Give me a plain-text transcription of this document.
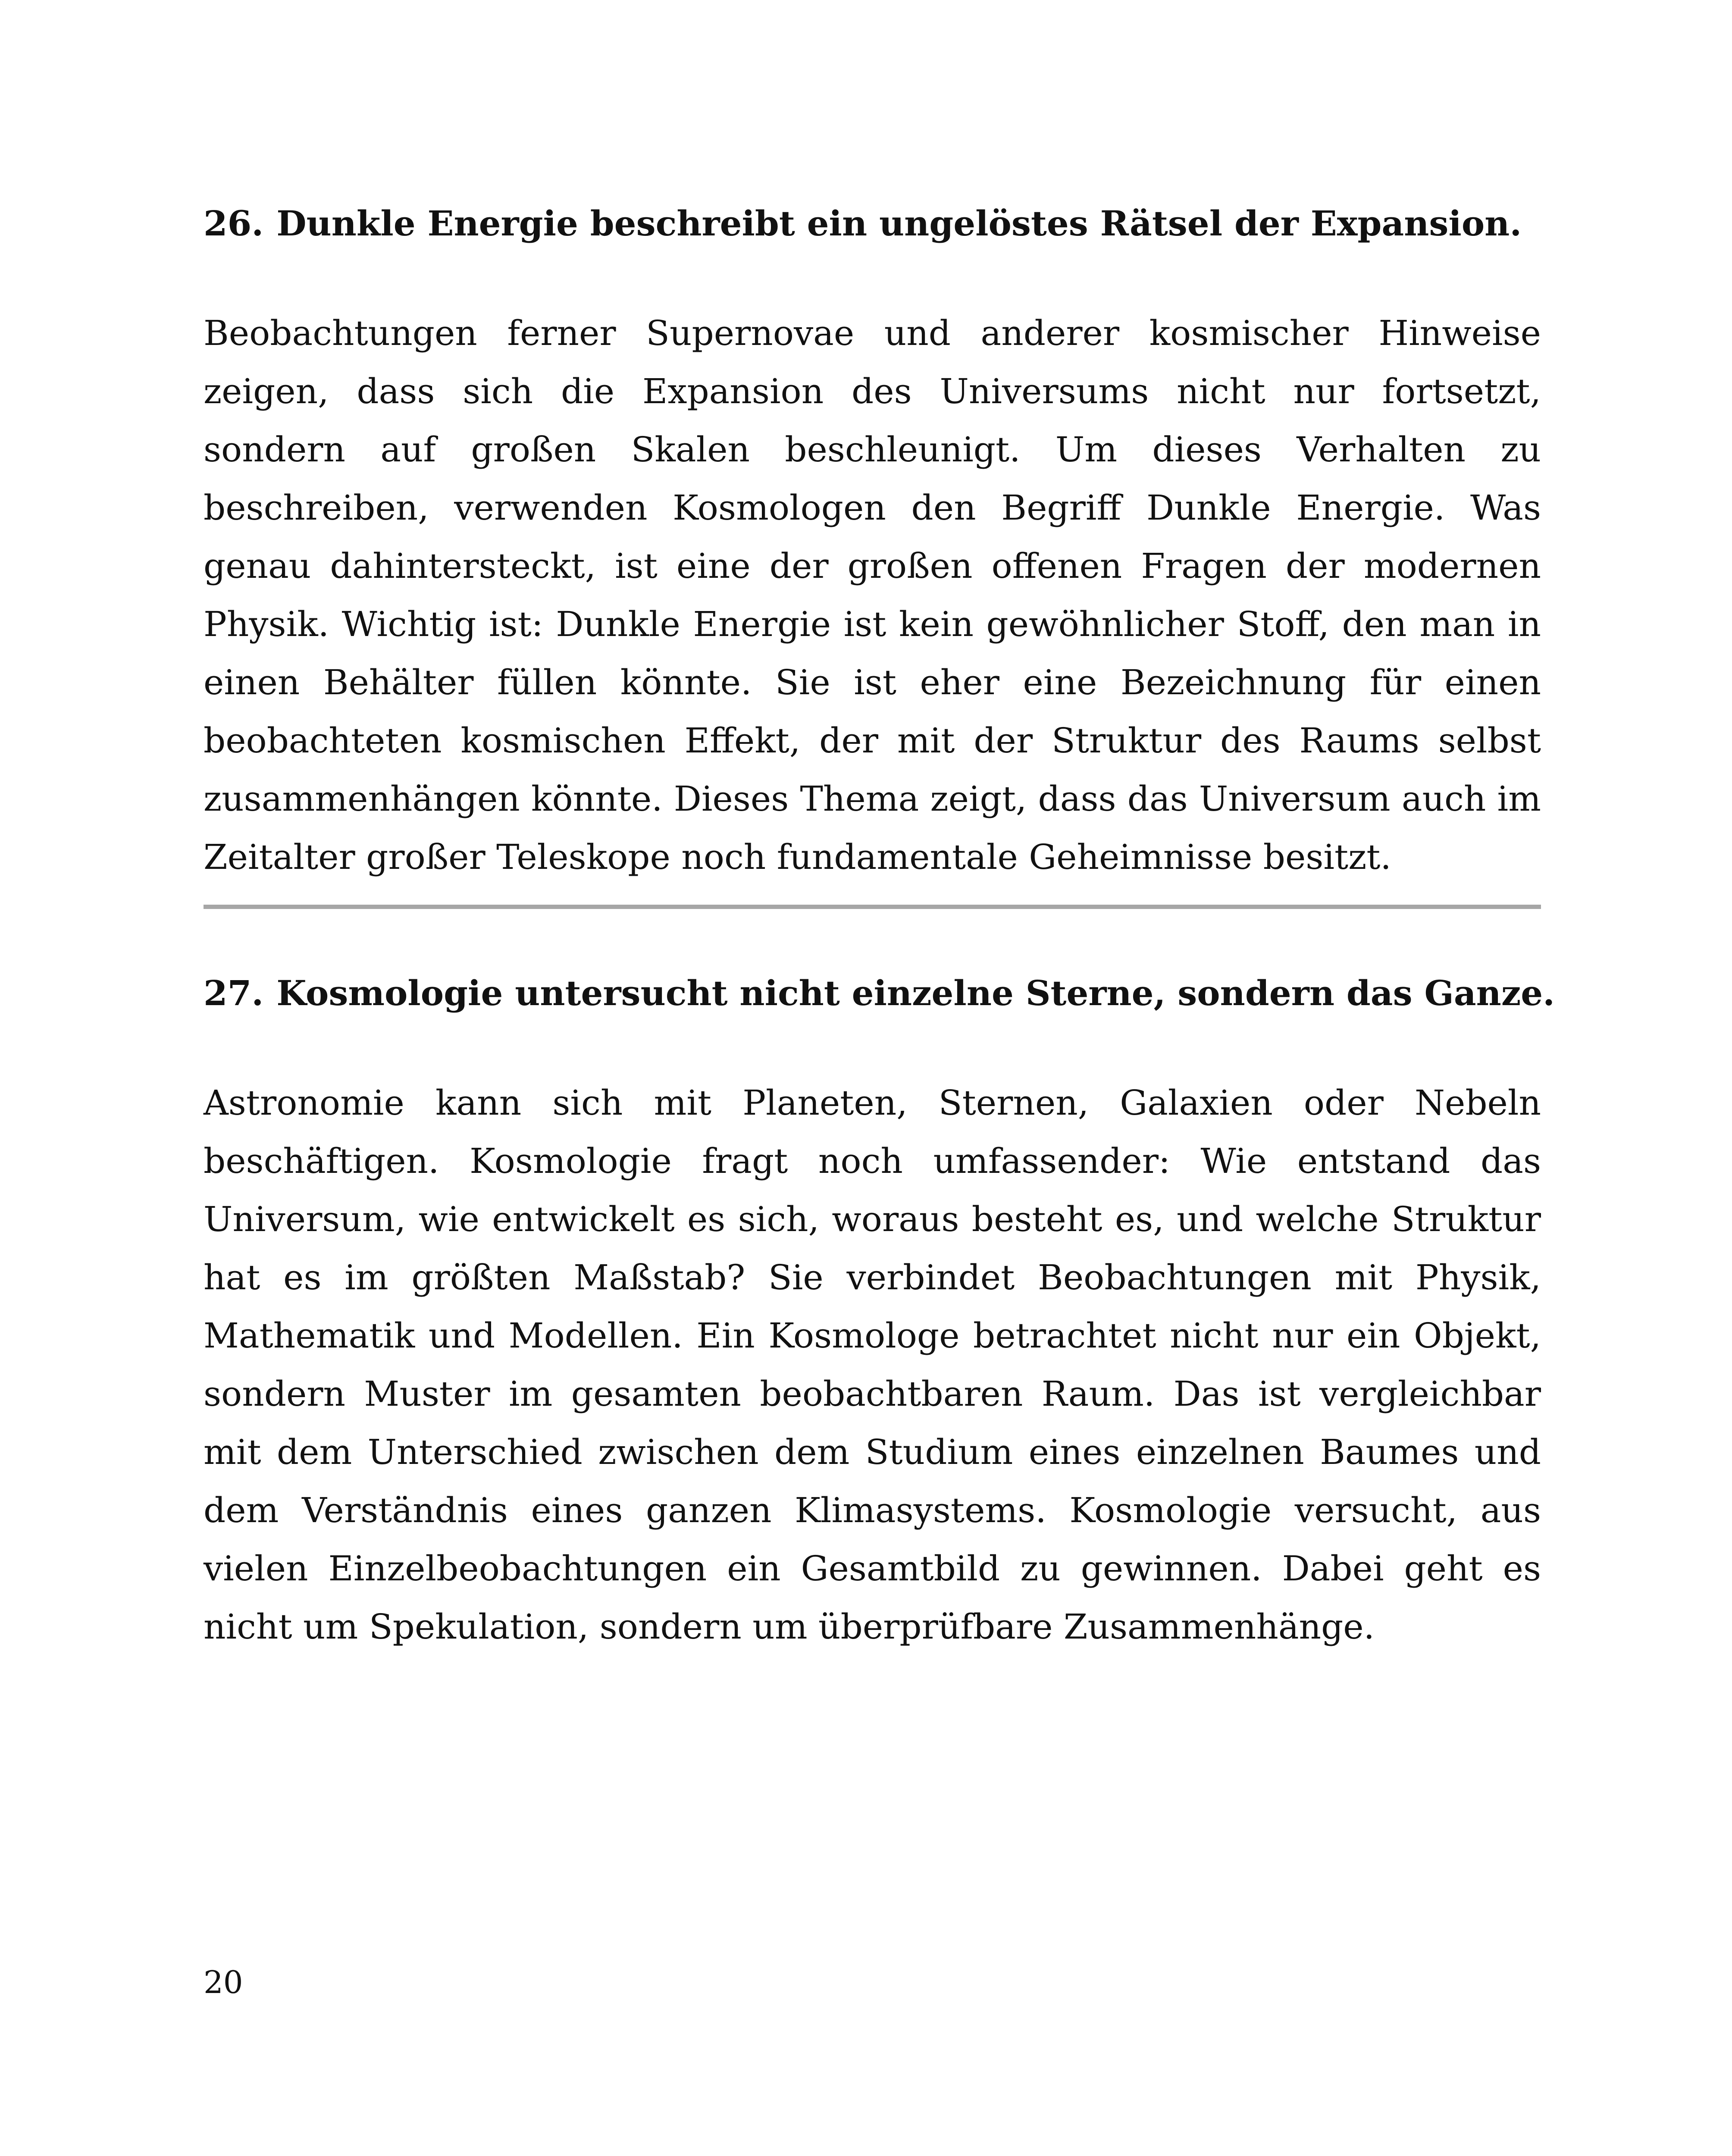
26. Dunkle Energie beschreibt ein ungelöstes Rätsel der Expansion.

Beobachtungen ferner Supernovae und anderer kosmischer Hinweise zeigen, dass sich die Expansion des Universums nicht nur fortsetzt, sondern auf großen Skalen beschleunigt. Um dieses Verhalten zu beschreiben, verwenden Kosmologen den Begriff Dunkle Energie. Was genau dahintersteckt, ist eine der großen offenen Fragen der modernen Physik. Wichtig ist: Dunkle Energie ist kein gewöhnlicher Stoff, den man in einen Behälter füllen könnte. Sie ist eher eine Bezeichnung für einen beobachteten kosmischen Effekt, der mit der Struktur des Raums selbst zusammenhängen könnte. Dieses Thema zeigt, dass das Universum auch im Zeitalter großer Teleskope noch fundamentale Geheimnisse besitzt.

27. Kosmologie untersucht nicht einzelne Sterne, sondern das Ganze.

Astronomie kann sich mit Planeten, Sternen, Galaxien oder Nebeln beschäftigen. Kosmologie fragt noch umfassender: Wie entstand das Universum, wie entwickelt es sich, woraus besteht es, und welche Struktur hat es im größten Maßstab? Sie verbindet Beobachtungen mit Physik, Mathematik und Modellen. Ein Kosmologe betrachtet nicht nur ein Objekt, sondern Muster im gesamten beobachtbaren Raum. Das ist vergleichbar mit dem Unterschied zwischen dem Studium eines einzelnen Baumes und dem Verständnis eines ganzen Klimasystems. Kosmologie versucht, aus vielen Einzelbeobachtungen ein Gesamtbild zu gewinnen. Dabei geht es nicht um Spekulation, sondern um überprüfbare Zusammenhänge.

20
